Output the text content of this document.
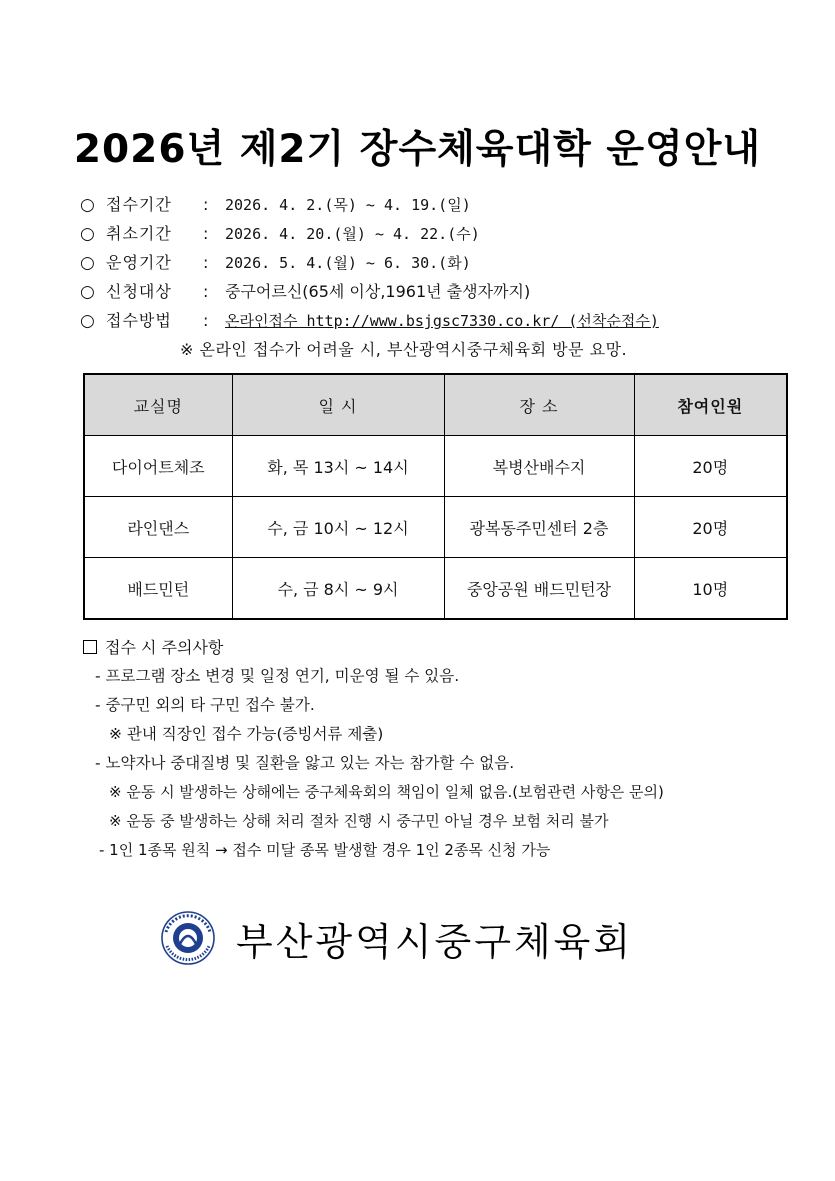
2026년 제2기 장수체육대학 운영안내
○ 접수기간 : 2026. 4. 2.(목) ~ 4. 19.(일)
○ 취소기간 : 2026. 4. 20.(월) ~ 4. 22.(수)
○ 운영기간 : 2026. 5. 4.(월) ~ 6. 30.(화)
○ 신청대상 : 중구어르신(65세 이상,1961년 출생자까지)
○ 접수방법 : 온라인접수 http://www.bsjgsc7330.co.kr/ (선착순접수)
※ 온라인 접수가 어려울 시, 부산광역시중구체육회 방문 요망.
교실명	일 시	장 소	참여인원
다이어트체조	화, 목 13시 ~ 14시	복병산배수지	20명
라인댄스	수, 금 10시 ~ 12시	광복동주민센터 2층	20명
배드민턴	수, 금 8시 ~ 9시	중앙공원 배드민턴장	10명
접수 시 주의사항
- 프로그램 장소 변경 및 일정 연기, 미운영 될 수 있음.
- 중구민 외의 타 구민 접수 불가.
※ 관내 직장인 접수 가능(증빙서류 제출)
- 노약자나 중대질병 및 질환을 앓고 있는 자는 참가할 수 없음.
※ 운동 시 발생하는 상해에는 중구체육회의 책임이 일체 없음.(보험관련 사항은 문의)
※ 운동 중 발생하는 상해 처리 절차 진행 시 중구민 아닐 경우 보험 처리 불가
- 1인 1종목 원칙 → 접수 미달 종목 발생할 경우 1인 2종목 신청 가능
부산광역시중구체육회
